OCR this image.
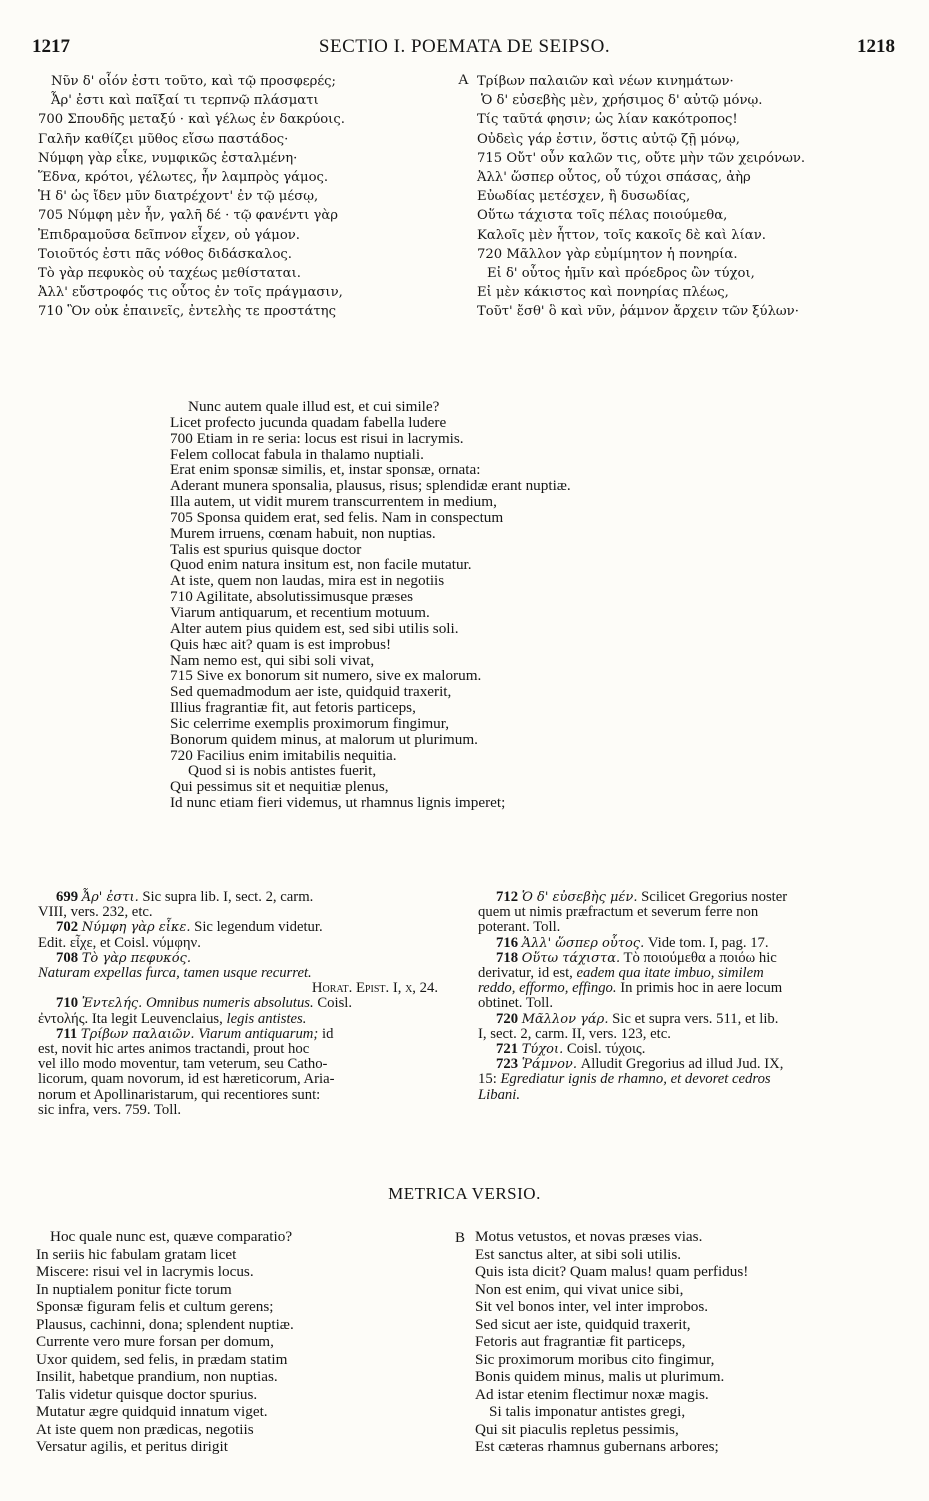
1217	SECTIO I. POEMATA DE SEIPSO.	1218
Νῦν δ' οἷόν ἐστι τοῦτο, καὶ τῷ προσφερές;
Ἆρ' ἐστι καὶ παῖξαί τι τερπνῷ πλάσματι
700 Σπουδῆς μεταξύ · καὶ γέλως ἐν δακρύοις.
Γαλῆν καθίζει μῦθος εἴσω παστάδος·
Νύμφη γὰρ εἶκε, νυμφικῶς ἐσταλμένη·
Ἕδνα, κρότοι, γέλωτες, ἦν λαμπρὸς γάμος.
Ἡ δ' ὡς ἴδεν μῦν διατρέχοντ' ἐν τῷ μέσῳ,
705 Νύμφη μὲν ἦν, γαλῆ δέ · τῷ φανέντι γὰρ
Ἐπιδραμοῦσα δεῖπνον εἶχεν, οὐ γάμον.
Τοιοῦτός ἐστι πᾶς νόθος διδάσκαλος.
Τὸ γὰρ πεφυκὸς οὐ ταχέως μεθίσταται.
Ἀλλ' εὔστροφός τις οὗτος ἐν τοῖς πράγμασιν,
710 Ὃν οὐκ ἐπαινεῖς, ἐντελὴς τε προστάτης
A Τρίβων παλαιῶν καὶ νέων κινημάτων·
Ὁ δ' εὐσεβὴς μὲν, χρήσιμος δ' αὐτῷ μόνῳ.
Τίς ταῦτά φησιν; ὡς λίαν κακότροπος!
Οὐδεὶς γάρ ἐστιν, ὅστις αὐτῷ ζῇ μόνῳ,
715 Οὔτ' οὖν καλῶν τις, οὔτε μὴν τῶν χειρόνων.
Ἀλλ' ὥσπερ οὗτος, οὗ τύχοι σπάσας, ἀὴρ
Εὐωδίας μετέσχεν, ἢ δυσωδίας,
Οὕτω τάχιστα τοῖς πέλας ποιούμεθα,
Καλοῖς μὲν ἧττον, τοῖς κακοῖς δὲ καὶ λίαν.
720 Μᾶλλον γὰρ εὐμίμητον ἡ πονηρία.
Εἰ δ' οὗτος ἡμῖν καὶ πρόεδρος ὢν τύχοι,
Εἰ μὲν κάκιστος καὶ πονηρίας πλέως,
Τοῦτ' ἔσθ' ὃ καὶ νῦν, ῥάμνον ἄρχειν τῶν ξύλων·
Nunc autem quale illud est, et cui simile?
Licet profecto jucunda quadam fabella ludere
700 Etiam in re seria: locus est risui in lacrymis.
Felem collocat fabula in thalamo nuptiali.
Erat enim sponsæ similis, et, instar sponsæ, ornata:
Aderant munera sponsalia, plausus, risus; splendidæ erant nuptiæ.
Illa autem, ut vidit murem transcurrentem in medium,
705 Sponsa quidem erat, sed felis. Nam in conspectum
Murem irruens, cœnam habuit, non nuptias.
Talis est spurius quisque doctor
Quod enim natura insitum est, non facile mutatur.
At iste, quem non laudas, mira est in negotiis
710 Agilitate, absolutissimusque præses
Viarum antiquarum, et recentium motuum.
Alter autem pius quidem est, sed sibi utilis soli.
Quis hæc ait? quam is est improbus!
Nam nemo est, qui sibi soli vivat,
715 Sive ex bonorum sit numero, sive ex malorum.
Sed quemadmodum aer iste, quidquid traxerit,
Illius fragrantiæ fit, aut fetoris particeps,
Sic celerrime exemplis proximorum fingimur,
Bonorum quidem minus, at malorum ut plurimum.
720 Facilius enim imitabilis nequitia.
Quod si is nobis antistes fuerit,
Qui pessimus sit et nequitiæ plenus,
Id nunc etiam fieri videmus, ut rhamnus lignis imperet;

699 Ἆρ' ἐστι. Sic supra lib. I, sect. 2, carm.

VIII, vers. 232, etc.

702 Νύμφη γὰρ εἶκε. Sic legendum videtur.

Edit. εἶχε, et Coisl. νύμφην.

708 Τὸ γὰρ πεφυκός.

Naturam expellas furca, tamen usque recurret.

Horat. Epist. I, x, 24.

710 Ἐντελής. Omnibus numeris absolutus. Coisl.

ἐντολής. Ita legit Leuvenclaius, legis antistes.

711 Τρίβων παλαιῶν. Viarum antiquarum; id

est, novit hic artes animos tractandi, prout hoc

vel illo modo moventur, tam veterum, seu Catho-

licorum, quam novorum, id est hæreticorum, Aria-

norum et Apollinaristarum, qui recentiores sunt:

sic infra, vers. 759. Toll.

712 Ὁ δ' εὐσεβὴς μέν. Scilicet Gregorius noster

quem ut nimis præfractum et severum ferre non

poterant. Toll.

716 Ἀλλ' ὥσπερ οὗτος. Vide tom. I, pag. 17.

718 Οὕτω τάχιστα. Τὸ ποιούμεθα a ποιόω hic

derivatur, id est, eadem qua itate imbuo, similem

reddo, efformo, effingo. In primis hoc in aere locum

obtinet. Toll.

720 Μᾶλλον γάρ. Sic et supra vers. 511, et lib.

I, sect. 2, carm. II, vers. 123, etc.

721 Τύχοι. Coisl. τύχοις.

723 Ῥάμνον. Alludit Gregorius ad illud Jud. IX,

15: Egrediatur ignis de rhamno, et devoret cedros

Libani.

METRICA VERSIO.
Hoc quale nunc est, quæve comparatio?
In seriis hic fabulam gratam licet
Miscere: risui vel in lacrymis locus.
In nuptialem ponitur ficte torum
Sponsæ figuram felis et cultum gerens;
Plausus, cachinni, dona; splendent nuptiæ.
Currente vero mure forsan per domum,
Uxor quidem, sed felis, in prædam statim
Insilit, habetque prandium, non nuptias.
Talis videtur quisque doctor spurius.
Mutatur ægre quidquid innatum viget.
At iste quem non prædicas, negotiis
Versatur agilis, et peritus dirigit
B Motus vetustos, et novas præses vias.
Est sanctus alter, at sibi soli utilis.
Quis ista dicit? Quam malus! quam perfidus!
Non est enim, qui vivat unice sibi,
Sit vel bonos inter, vel inter improbos.
Sed sicut aer iste, quidquid traxerit,
Fetoris aut fragrantiæ fit particeps,
Sic proximorum moribus cito fingimur,
Bonis quidem minus, malis ut plurimum.
Ad istar etenim flectimur noxæ magis.
Si talis imponatur antistes gregi,
Qui sit piaculis repletus pessimis,
Est cæteras rhamnus gubernans arbores;
